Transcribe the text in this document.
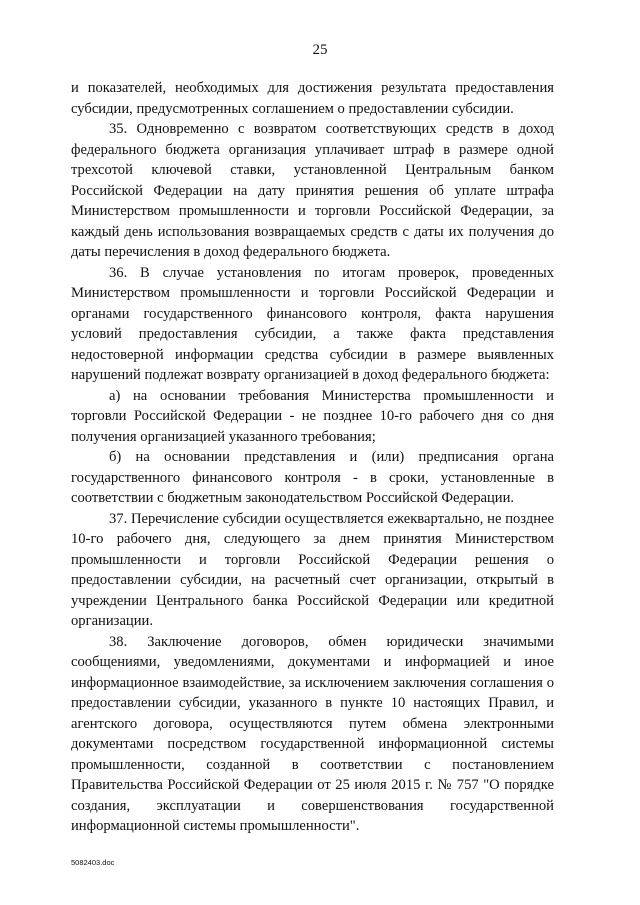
25

и показателей, необходимых для достижения результата предоставления субсидии, предусмотренных соглашением о предоставлении субсидии.

35. Одновременно с возвратом соответствующих средств в доход федерального бюджета организация уплачивает штраф в размере одной трехсотой ключевой ставки, установленной Центральным банком Российской Федерации на дату принятия решения об уплате штрафа Министерством промышленности и торговли Российской Федерации, за каждый день использования возвращаемых средств с даты их получения до даты перечисления в доход федерального бюджета.

36. В случае установления по итогам проверок, проведенных Министерством промышленности и торговли Российской Федерации и органами государственного финансового контроля, факта нарушения условий предоставления субсидии, а также факта представления недостоверной информации средства субсидии в размере выявленных нарушений подлежат возврату организацией в доход федерального бюджета:

а) на основании требования Министерства промышленности и торговли Российской Федерации - не позднее 10-го рабочего дня со дня получения организацией указанного требования;

б) на основании представления и (или) предписания органа государственного финансового контроля - в сроки, установленные в соответствии с бюджетным законодательством Российской Федерации.

37. Перечисление субсидии осуществляется ежеквартально, не позднее 10-го рабочего дня, следующего за днем принятия Министерством промышленности и торговли Российской Федерации решения о предоставлении субсидии, на расчетный счет организации, открытый в учреждении Центрального банка Российской Федерации или кредитной организации.

38. Заключение договоров, обмен юридически значимыми сообщениями, уведомлениями, документами и информацией и иное информационное взаимодействие, за исключением заключения соглашения о предоставлении субсидии, указанного в пункте 10 настоящих Правил, и агентского договора, осуществляются путем обмена электронными документами посредством государственной информационной системы промышленности, созданной в соответствии с постановлением Правительства Российской Федерации от 25 июля 2015 г. № 757 "О порядке создания, эксплуатации и совершенствования государственной информационной системы промышленности".

5082403.doc
